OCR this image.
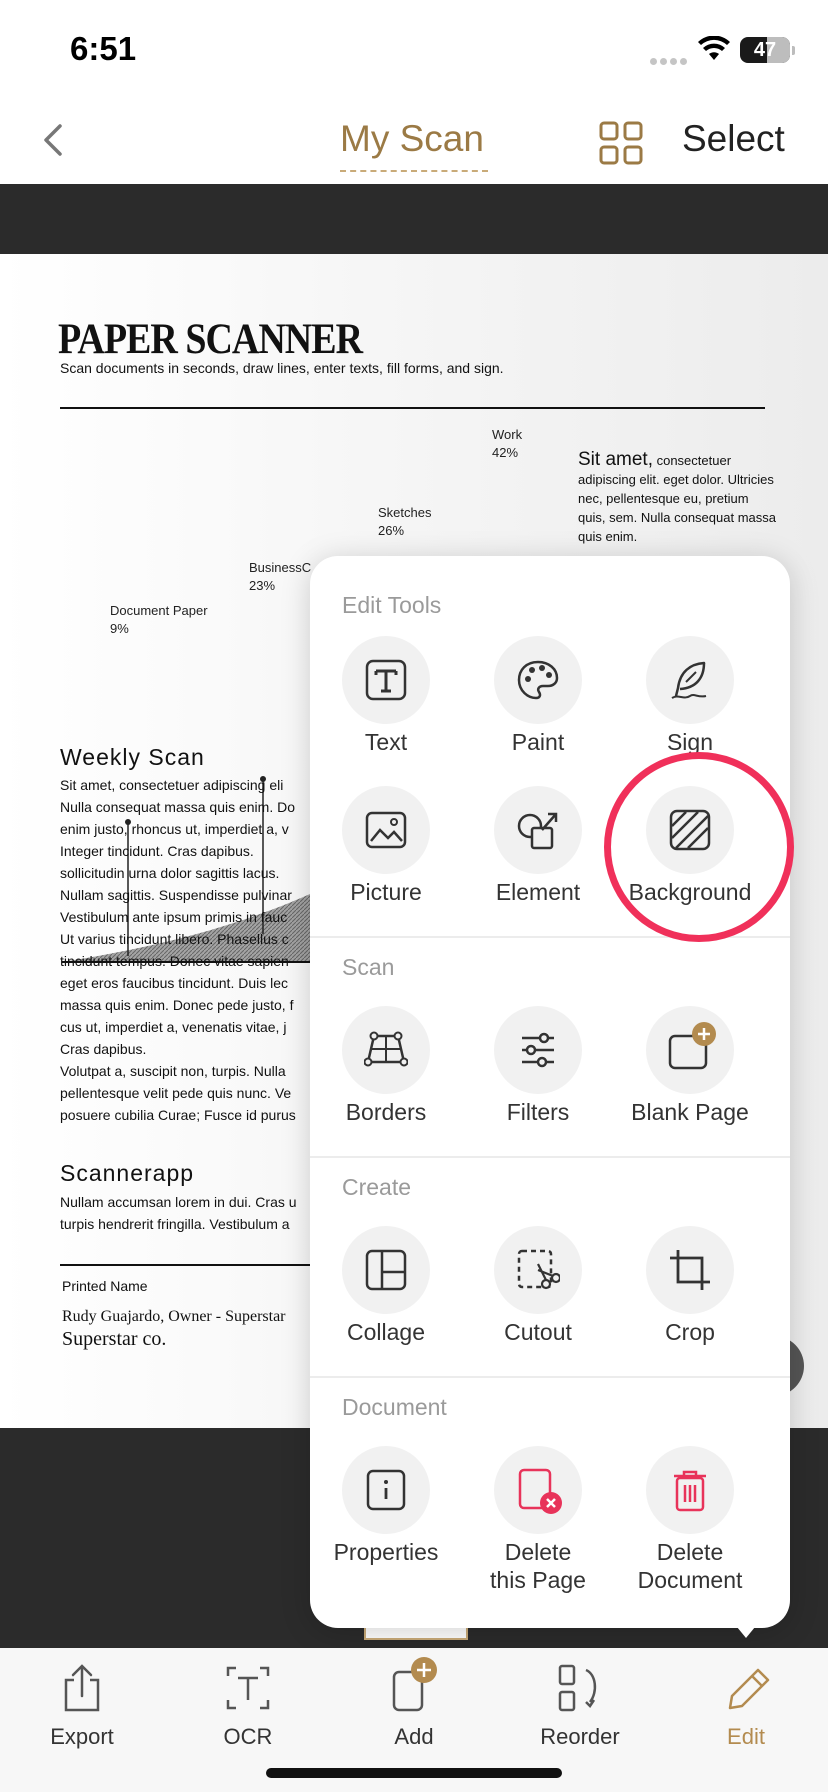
6:51	47
My Scan	Select
PAPER SCANNER
Scan documents in seconds, draw lines, enter texts, fill forms, and sign.
Document Paper
9%
BusinessC
23%
Sketches
26%
Work
42%	Sit amet, consectetuer adipiscing elit. eget dolor. Ultricies nec, pellentesque eu, pretium quis, sem. Nulla consequat massa quis enim.
Weekly Scan
Sit amet, consectetuer adipiscing eli
Nulla consequat massa quis enim. Do
enim justo, rhoncus ut, imperdiet a, v
Integer tincidunt. Cras dapibus.
sollicitudin urna dolor sagittis lacus.
Nullam sagittis. Suspendisse pulvinar
Vestibulum ante ipsum primis in fauc
Ut varius tincidunt libero. Phasellus c
tincidunt tempus. Donec vitae sapien
eget eros faucibus tincidunt. Duis lec
massa quis enim. Donec pede justo, f
cus ut, imperdiet a, venenatis vitae, j
Cras dapibus.
Volutpat a, suscipit non, turpis. Nulla
pellentesque velit pede quis nunc. Ve
posuere cubilia Curae; Fusce id purus
Scannerapp
Nullam accumsan lorem in dui. Cras u
turpis hendrerit fringilla. Vestibulum a
Printed Name
Rudy Guajardo, Owner - Superstar
Superstar co.
Edit Tools
Text	Paint	Sign
Picture	Element	Background
Scan
Borders	Filters	Blank Page
Create
Collage	Cutout	Crop
Document
Properties	Delete
this Page
Delete
Document
Export	OCR	Add	Reorder	Edit
